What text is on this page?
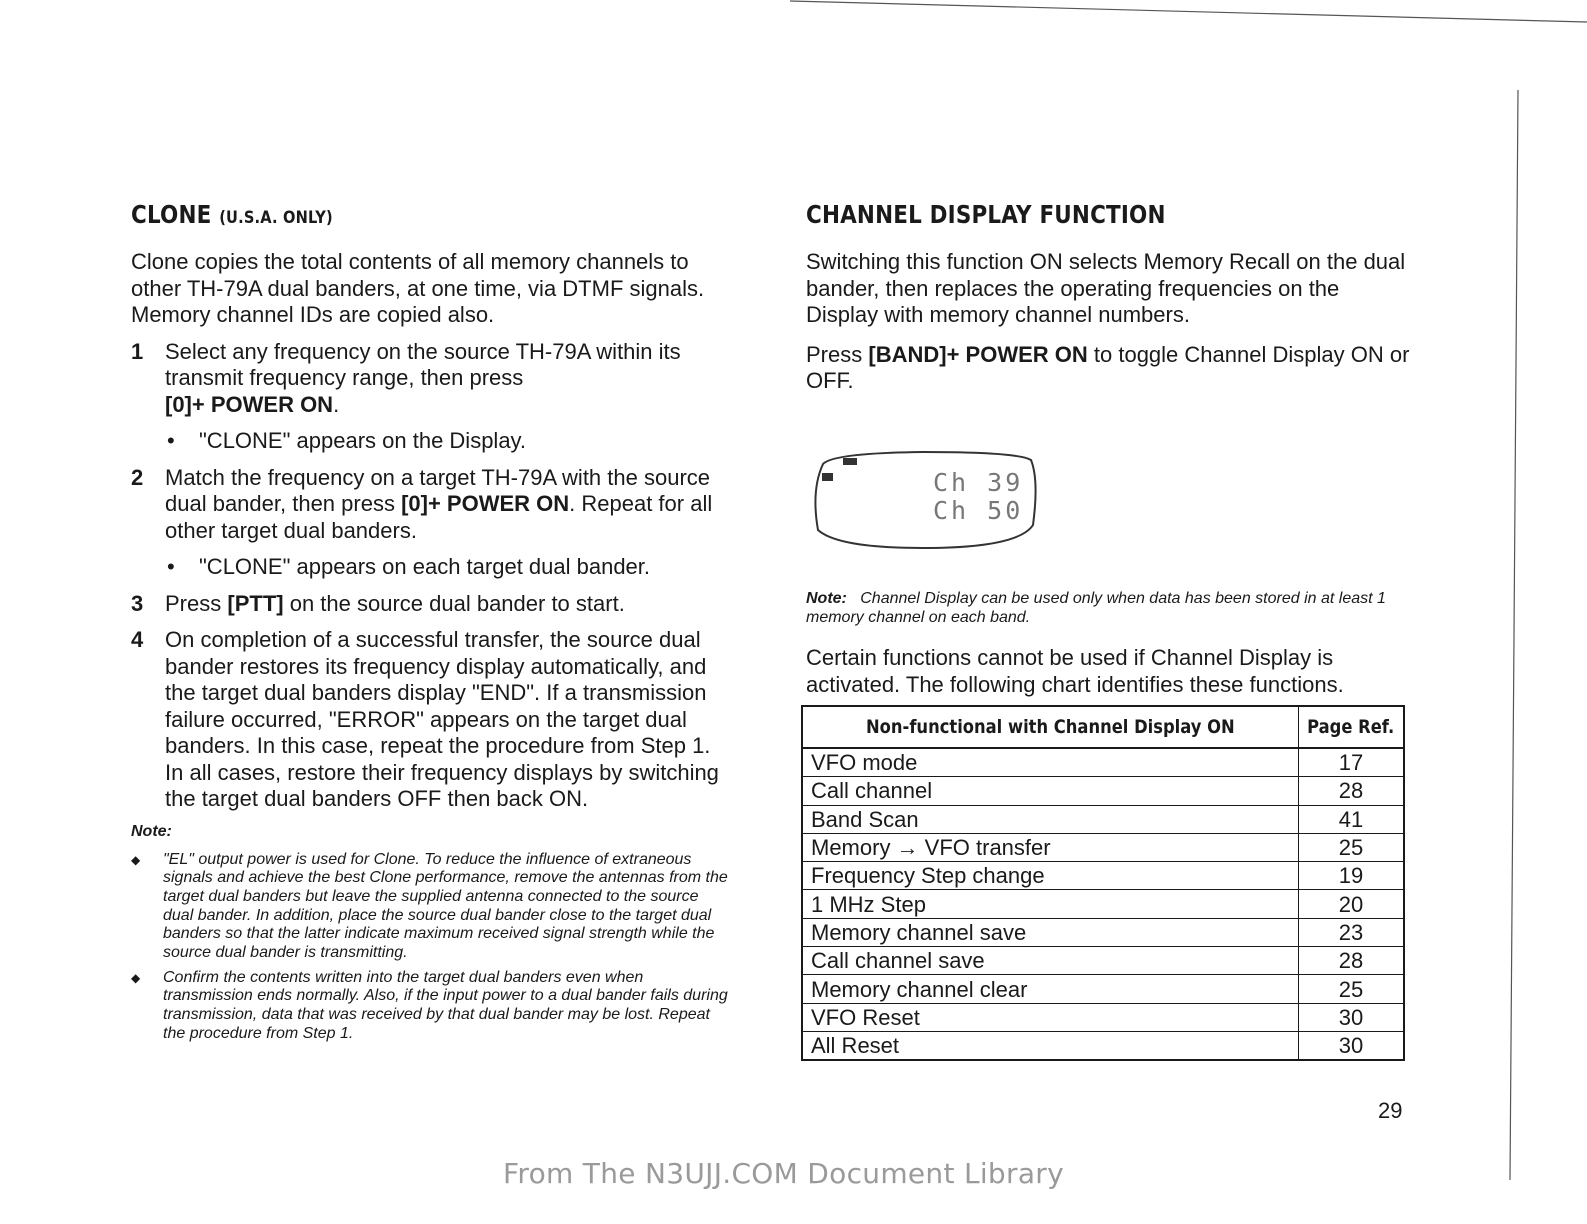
CLONE (U.S.A. ONLY)

Clone copies the total contents of all memory channels to other TH-79A dual banders, at one time, via DTMF signals. Memory channel IDs are copied also.

1 Select any frequency on the source TH-79A within its transmit frequency range, then press
[0]+ POWER ON.
• "CLONE" appears on the Display.
2 Match the frequency on a target TH-79A with the source dual bander, then press [0]+ POWER ON. Repeat for all other target dual banders.
• "CLONE" appears on each target dual bander.
3 Press [PTT] on the source dual bander to start.
4 On completion of a successful transfer, the source dual bander restores its frequency display automatically, and the target dual banders display "END". If a transmission failure occurred, "ERROR" appears on the target dual banders. In this case, repeat the procedure from Step 1. In all cases, restore their frequency displays by switching the target dual banders OFF then back ON.
Note:
◆ "EL" output power is used for Clone. To reduce the influence of extraneous signals and achieve the best Clone performance, remove the antennas from the target dual banders but leave the supplied antenna connected to the source dual bander. In addition, place the source dual bander close to the target dual banders so that the latter indicate maximum received signal strength while the source dual bander is transmitting.
◆ Confirm the contents written into the target dual banders even when transmission ends normally. Also, if the input power to a dual bander fails during transmission, data that was received by that dual bander may be lost. Repeat the procedure from Step 1.
CHANNEL DISPLAY FUNCTION

Switching this function ON selects Memory Recall on the dual bander, then replaces the operating frequencies on the Display with memory channel numbers.

Press [BAND]+ POWER ON to toggle Channel Display ON or OFF.

Ch 39
Ch 50
Note: Channel Display can be used only when data has been stored in at least 1 memory channel on each band.

Certain functions cannot be used if Channel Display is activated. The following chart identifies these functions.

Non-functional with Channel Display ON	Page Ref.
VFO mode	17
Call channel	28
Band Scan	41
Memory → VFO transfer	25
Frequency Step change	19
1 MHz Step	20
Memory channel save	23
Call channel save	28
Memory channel clear	25
VFO Reset	30
All Reset	30
29
From The N3UJJ.COM Document Library
